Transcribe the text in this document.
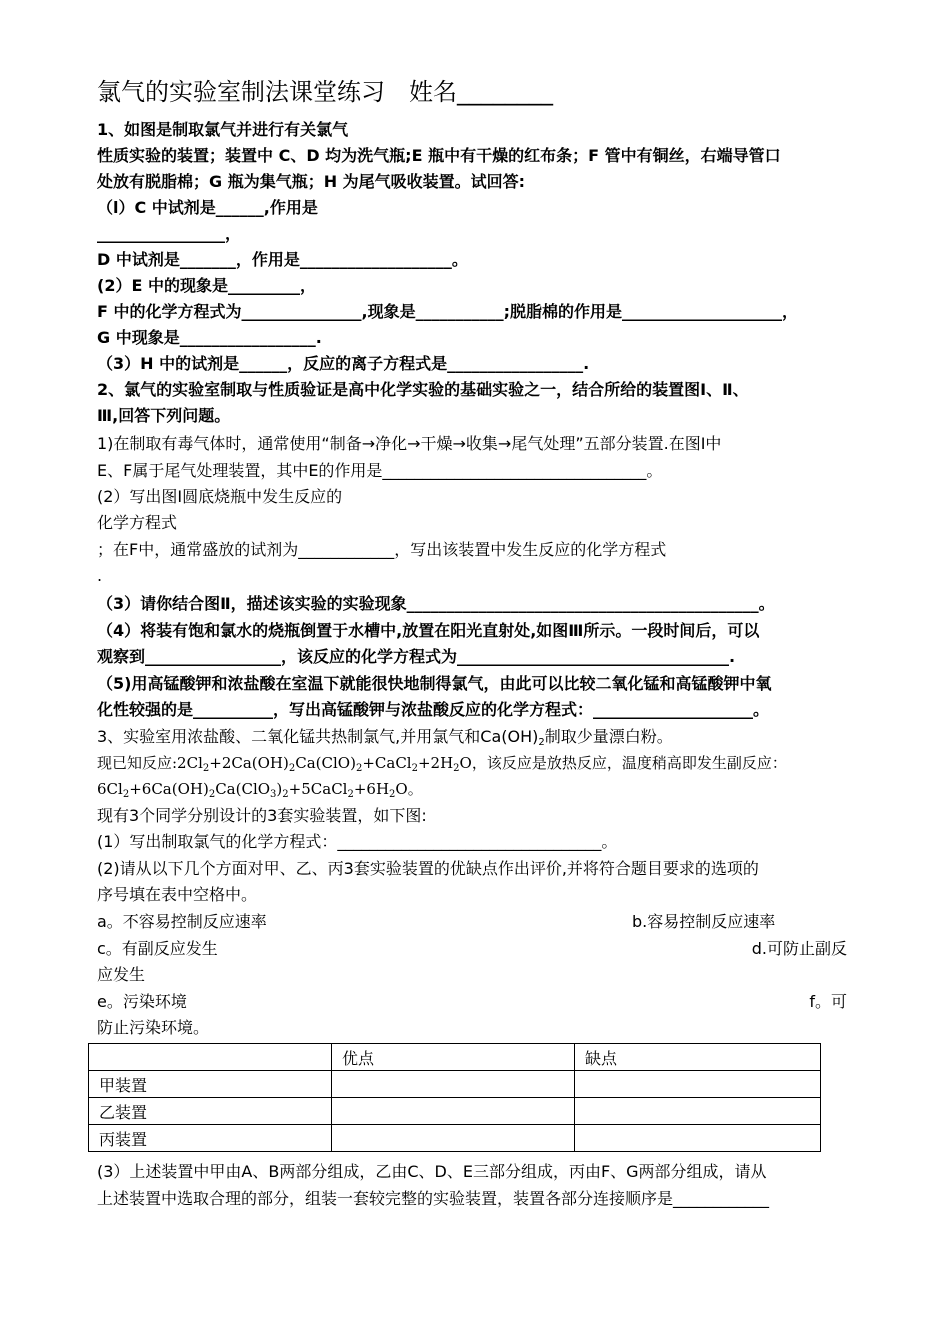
氯气的实验室制法课堂练习　姓名________
1、如图是制取氯气并进行有关氯气
性质实验的装置；装置中 C、D 均为洗气瓶;E 瓶中有干燥的红布条；F 管中有铜丝，右端导管口
处放有脱脂棉；G 瓶为集气瓶；H 为尾气吸收装置。试回答:
（l）C 中试剂是______,作用是
________________，
D 中试剂是_______，作用是___________________。
(2）E 中的现象是_________，
F 中的化学方程式为_______________,现象是___________;脱脂棉的作用是____________________，
G 中现象是_________________.
（3）H 中的试剂是______，反应的离子方程式是_________________.
2、氯气的实验室制取与性质验证是高中化学实验的基础实验之一，结合所给的装置图Ⅰ、Ⅱ、
Ⅲ,回答下列问题。
1)在制取有毒气体时，通常使用“制备→净化→干燥→收集→尾气处理”五部分装置.在图Ⅰ中
E、F属于尾气处理装置，其中E的作用是_________________________________。
(2）写出图Ⅰ圆底烧瓶中发生反应的
化学方程式
；在F中，通常盛放的试剂为____________，写出该装置中发生反应的化学方程式
.
（3）请你结合图Ⅱ，描述该实验的实验现象____________________________________________。
（4）将装有饱和氯水的烧瓶倒置于水槽中,放置在阳光直射处,如图Ⅲ所示。一段时间后，可以
观察到_________________，该反应的化学方程式为__________________________________.
（5)用高锰酸钾和浓盐酸在室温下就能很快地制得氯气，由此可以比较二氧化锰和高锰酸钾中氧
化性较强的是__________，写出高锰酸钾与浓盐酸反应的化学方程式：____________________。
3、实验室用浓盐酸、二氧化锰共热制氯气,并用氯气和$Ca(OH)_2$制取少量漂白粉。
现已知反应$:2Cl_2+2Ca(OH)_2Ca(ClO)_2+CaCl_2+2H_2O$，该反应是放热反应，温度稍高即发生副反应：
$6Cl_2+6Ca(OH)_2Ca(ClO_3)_2+5CaCl_2+6H_2O$。
现有3个同学分别设计的3套实验装置，如下图:
(1）写出制取氯气的化学方程式：_________________________________。
(2)请从以下几个方面对甲、乙、丙3套实验装置的优缺点作出评价,并将符合题目要求的选项的
序号填在表中空格中。
a。不容易控制反应速率	b.容易控制反应速率
c。有副反应发生	d.可防止副反
应发生
e。污染环境	f。可
防止污染环境。
	优点	缺点
甲装置		
乙装置		
丙装置		
(3）上述装置中甲由A、B两部分组成，乙由C、D、E三部分组成，丙由F、G两部分组成，请从
上述装置中选取合理的部分，组装一套较完整的实验装置，装置各部分连接顺序是____________
